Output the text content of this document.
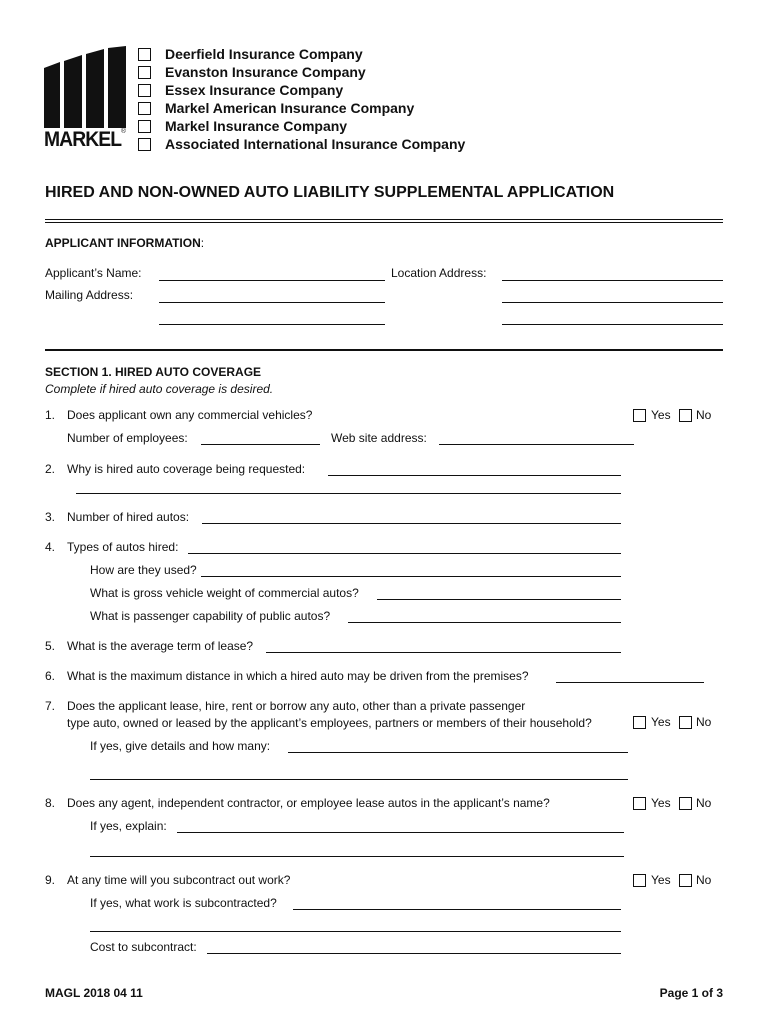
MARKEL®
Deerfield Insurance Company
Evanston Insurance Company
Essex Insurance Company
Markel American Insurance Company
Markel Insurance Company
Associated International Insurance Company
HIRED AND NON-OWNED AUTO LIABILITY SUPPLEMENTAL APPLICATION
APPLICANT INFORMATION:
Applicant’s Name:	Location Address:
Mailing Address:
SECTION 1. HIRED AUTO COVERAGE
Complete if hired auto coverage is desired.
1. Does applicant own any commercial vehicles?	Yes No
Number of employees:	Web site address:
2. Why is hired auto coverage being requested:
3. Number of hired autos:
4. Types of autos hired:
How are they used?
What is gross vehicle weight of commercial autos?
What is passenger capability of public autos?
5. What is the average term of lease?
6. What is the maximum distance in which a hired auto may be driven from the premises?
7. Does the applicant lease, hire, rent or borrow any auto, other than a private passenger
type auto, owned or leased by the applicant’s employees, partners or members of their household?	Yes No
If yes, give details and how many:
8. Does any agent, independent contractor, or employee lease autos in the applicant’s name?	Yes No
If yes, explain:
9. At any time will you subcontract out work?	Yes No
If yes, what work is subcontracted?
Cost to subcontract:
MAGL 2018 04 11	Page 1 of 3
